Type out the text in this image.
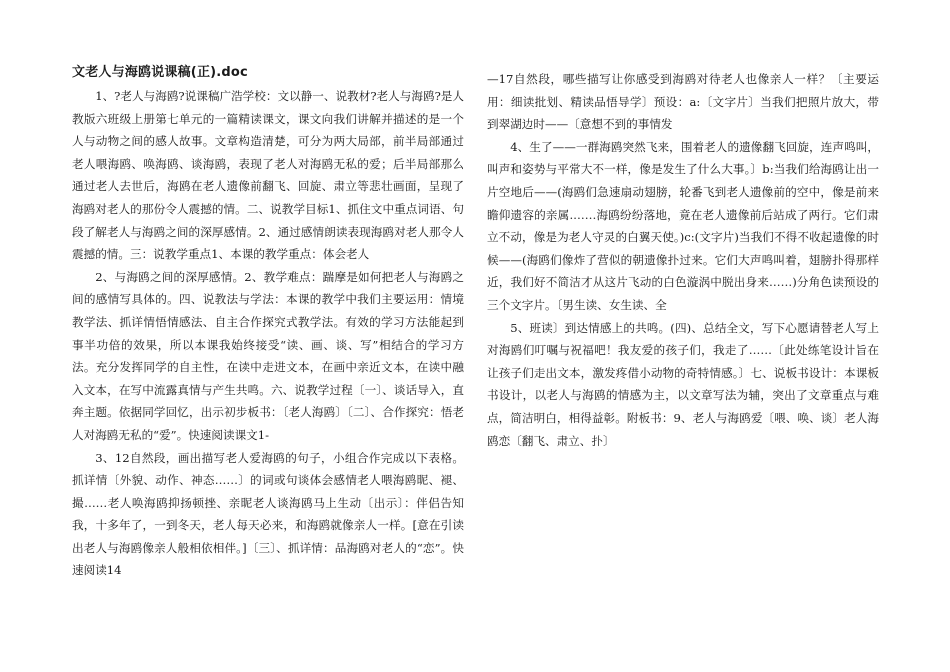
文老人与海鸥说课稿(正).doc

1、?老人与海鸥?说课稿广浩学校：文以静一、说教材?老人与海鸥?是人教版六班级上册第七单元的一篇精读课文，课文向我们讲解并描述的是一个人与动物之间的感人故事。文章构造清楚，可分为两大局部，前半局部通过老人喂海鸥、唤海鸥、谈海鸥，表现了老人对海鸥无私的爱；后半局部那么通过老人去世后，海鸥在老人遗像前翻飞、回旋、肃立等悲壮画面，呈现了海鸥对老人的那份令人震撼的情。二、说教学目标1、抓住文中重点词语、句段了解老人与海鸥之间的深厚感情。2、通过感情朗读表现海鸥对老人那令人震撼的情。三：说教学重点1、本课的教学重点：体会老人

2、与海鸥之间的深厚感情。2、教学难点：踹摩是如何把老人与海鸥之间的感情写具体的。四、说教法与学法：本课的教学中我们主要运用：情境教学法、抓详情悟情感法、自主合作探究式教学法。有效的学习方法能起到事半功倍的效果，所以本课我始终接受“读、画、谈、写”相结合的学习方法。充分发挥同学的自主性，在读中走进文本，在画中亲近文本，在读中融入文本，在写中流露真情与产生共鸣。六、说教学过程〔一〕、谈话导入，直奔主题。依据同学回忆，出示初步板书：〔老人海鸥〕〔二〕、合作探究：悟老人对海鸥无私的“爱”。快速阅读课文1-

3、12自然段，画出描写老人爱海鸥的句子，小组合作完成以下表格。抓详情〔外貌、动作、神态……〕的词或句谈体会感情老人喂海鸥昵、褪、撮……老人唤海鸥抑扬顿挫、亲昵老人谈海鸥马上生动〔出示〕：伴侣告知我，十多年了，一到冬天，老人每天必来，和海鸥就像亲人一样。[意在引读出老人与海鸥像亲人般相依相伴。]〔三〕、抓详情：品海鸥对老人的“恋”。快速阅读14

—17自然段，哪些描写让你感受到海鸥对待老人也像亲人一样？〔主要运用：细读批划、精读品悟导学〕预设：a:〔文字片〕当我们把照片放大，带到翠湖边时——〔意想不到的事情发

4、生了——一群海鸥突然飞来，围着老人的遗像翻飞回旋，连声鸣叫，叫声和姿势与平常大不一样，像是发生了什么大事。〕b:当我们给海鸥让出一片空地后——(海鸥们急速扇动翅膀，轮番飞到老人遗像前的空中，像是前来瞻仰遗容的亲属.……海鸥纷纷落地，竟在老人遗像前后站成了两行。它们肃立不动，像是为老人守灵的白翼天使。)c:(文字片)当我们不得不收起遗像的时候——(海鸥们像炸了营似的朝遗像扑过来。它们大声鸣叫着，翅膀扑得那样近，我们好不简洁才从这片飞动的白色漩涡中脱出身来……)分角色读预设的三个文字片。〔男生读、女生读、全

5、班读〕到达情感上的共鸣。(四)、总结全文，写下心愿请替老人写上对海鸥们叮嘱与祝福吧！我友爱的孩子们，我走了……〔此处练笔设计旨在让孩子们走出文本，激发疼借小动物的奇特情感。〕七、说板书设计：本课板书设计，以老人与海鸥的情感为主，以文章写法为辅，突出了文章重点与难点，简洁明白，相得益彰。附板书：9、老人与海鸥爱〔喂、唤、谈〕老人海鸥恋〔翻飞、肃立、扑〕
